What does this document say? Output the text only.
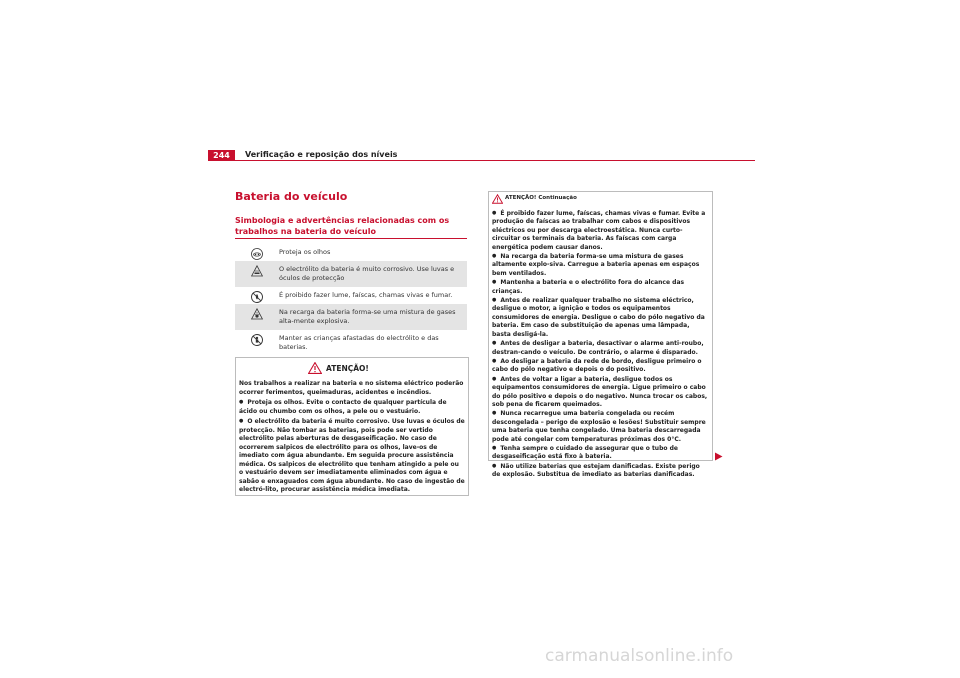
244	Verificação e reposição dos níveis
Bateria do veículo
Simbologia e advertências relacionadas com os trabalhos na bateria do veículo
Proteja os olhos
O electrólito da bateria é muito corrosivo. Use luvas e óculos de protecção
É proibido fazer lume, faíscas, chamas vivas e fumar.
Na recarga da bateria forma-se uma mistura de gases alta-mente explosiva.
Manter as crianças afastadas do electrólito e das baterias.
ATENÇÃO!

Nos trabalhos a realizar na bateria e no sistema eléctrico poderão ocorrer ferimentos, queimaduras, acidentes e incêndios.

● Proteja os olhos. Evite o contacto de qualquer partícula de ácido ou chumbo com os olhos, a pele ou o vestuário.

● O electrólito da bateria é muito corrosivo. Use luvas e óculos de protecção. Não tombar as baterias, pois pode ser vertido electrólito pelas aberturas de desgaseificação. No caso de ocorrerem salpicos de electrólito para os olhos, lave-os de imediato com água abundante. Em seguida procure assistência médica. Os salpicos de electrólito que tenham atingido a pele ou o vestuário devem ser imediatamente eliminados com água e sabão e enxaguados com água abundante. No caso de ingestão de electró-lito, procurar assistência médica imediata.

ATENÇÃO! Continuação

● É proibido fazer lume, faíscas, chamas vivas e fumar. Evite a produção de faíscas ao trabalhar com cabos e dispositivos eléctricos ou por descarga electroestática. Nunca curto-circuitar os terminais da bateria. As faíscas com carga energética podem causar danos.

● Na recarga da bateria forma-se uma mistura de gases altamente explo-siva. Carregue a bateria apenas em espaços bem ventilados.

● Mantenha a bateria e o electrólito fora do alcance das crianças.

● Antes de realizar qualquer trabalho no sistema eléctrico, desligue o motor, a ignição e todos os equipamentos consumidores de energia. Desligue o cabo do pólo negativo da bateria. Em caso de substituição de apenas uma lâmpada, basta desligá-la.

● Antes de desligar a bateria, desactivar o alarme anti-roubo, destran-cando o veículo. De contrário, o alarme é disparado.

● Ao desligar a bateria da rede de bordo, desligue primeiro o cabo do pólo negativo e depois o do positivo.

● Antes de voltar a ligar a bateria, desligue todos os equipamentos consumidores de energia. Ligue primeiro o cabo do pólo positivo e depois o do negativo. Nunca trocar os cabos, sob pena de ficarem queimados.

● Nunca recarregue uma bateria congelada ou recém descongelada – perigo de explosão e lesões! Substituir sempre uma bateria que tenha congelado. Uma bateria descarregada pode até congelar com temperaturas próximas dos 0°C.

● Tenha sempre o cuidado de assegurar que o tubo de desgaseificação está fixo à bateria.

● Não utilize baterias que estejam danificadas. Existe perigo de explosão. Substitua de imediato as baterias danificadas.

carmanualsonline.info
